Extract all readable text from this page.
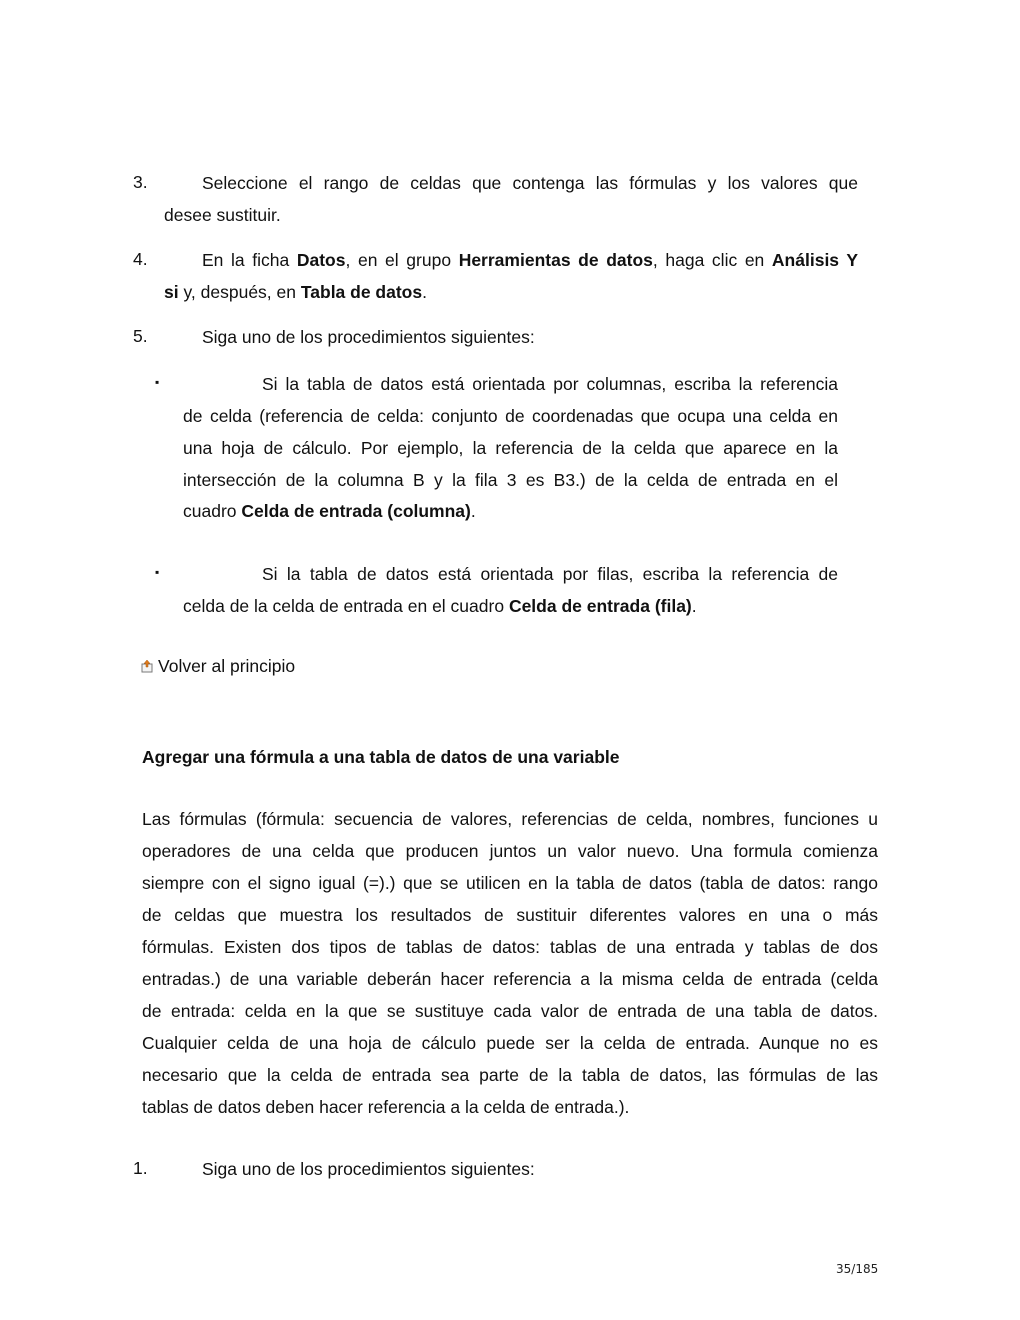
3.	Seleccione el rango de celdas que contenga las fórmulas y los valores que
desee sustituir.
4.	En la ficha Datos, en el grupo Herramientas de datos, haga clic en Análisis Y
si y, después, en Tabla de datos.
5.	Siga uno de los procedimientos siguientes:
▪	Si la tabla de datos está orientada por columnas, escriba la referencia
de celda (referencia de celda: conjunto de coordenadas que ocupa una celda en
una hoja de cálculo. Por ejemplo, la referencia de la celda que aparece en la
intersección de la columna B y la fila 3 es B3.) de la celda de entrada en el
cuadro Celda de entrada (columna).
▪	Si la tabla de datos está orientada por filas, escriba la referencia de
celda de la celda de entrada en el cuadro Celda de entrada (fila).
Volver al principio
Agregar una fórmula a una tabla de datos de una variable
Las fórmulas (fórmula: secuencia de valores, referencias de celda, nombres, funciones u
operadores de una celda que producen juntos un valor nuevo. Una formula comienza
siempre con el signo igual (=).) que se utilicen en la tabla de datos (tabla de datos: rango
de celdas que muestra los resultados de sustituir diferentes valores en una o más
fórmulas. Existen dos tipos de tablas de datos: tablas de una entrada y tablas de dos
entradas.) de una variable deberán hacer referencia a la misma celda de entrada (celda
de entrada: celda en la que se sustituye cada valor de entrada de una tabla de datos.
Cualquier celda de una hoja de cálculo puede ser la celda de entrada. Aunque no es
necesario que la celda de entrada sea parte de la tabla de datos, las fórmulas de las
tablas de datos deben hacer referencia a la celda de entrada.).
1.	Siga uno de los procedimientos siguientes:
35/185
